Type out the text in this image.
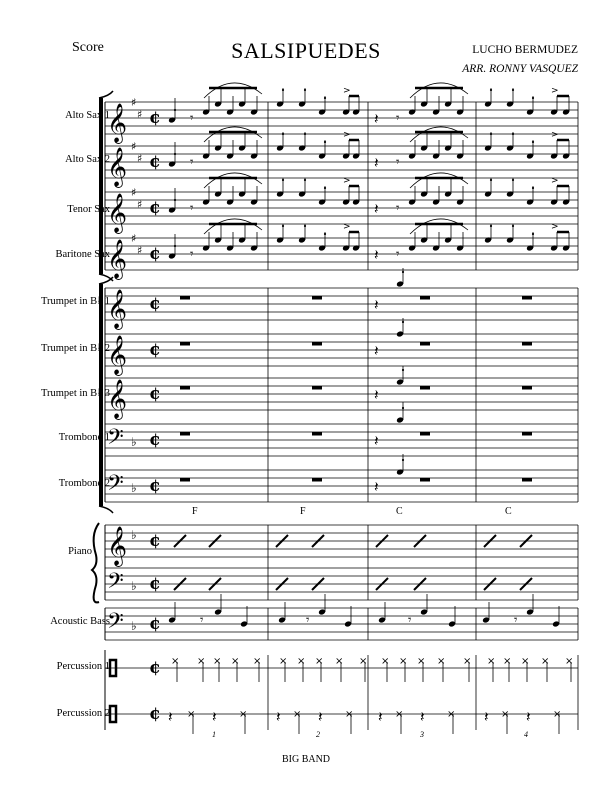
Score	SALSIPUEDES	LUCHO BERMUDEZ
ARR. RONNY VASQUEZ
Alto Sax 1
Alto Sax 2
Tenor Sax
Baritone Sax
Trumpet in B♭ 1
Trumpet in B♭ 2
Trumpet in B♭ 3
Trombone 1
Trombone 2
Piano
Acoustic Bass
Percussion 1
Percussion 2
F	F	C	C
1	2	3	4
BIG BAND
𝄞
♯
♯ ¢ 𝄾
>
𝄽 𝄾
>
𝄞
♯
♯ ¢ 𝄾
>
𝄽 𝄾
>
𝄞
♯
♯ ¢ 𝄾
>
𝄽 𝄾
>
𝄞
♯
♯ ¢ 𝄾
>
𝄽 𝄾
>
𝄞 ¢	𝄽
𝄞 ¢	𝄽
𝄞 ¢	𝄽
𝄢 ♭ ¢	𝄽
𝄢 ♭ ¢	𝄽
𝄞 ♭ ¢
𝄢 ♭ ¢
𝄢 ♭ ¢	𝄾	𝄾	𝄾	𝄾
¢
¢
× × × × × × × × × × × × × × × × × × × ×
𝄽 × 𝄽 × 𝄽 × 𝄽 × 𝄽 × 𝄽 × 𝄽 × 𝄽 ×
